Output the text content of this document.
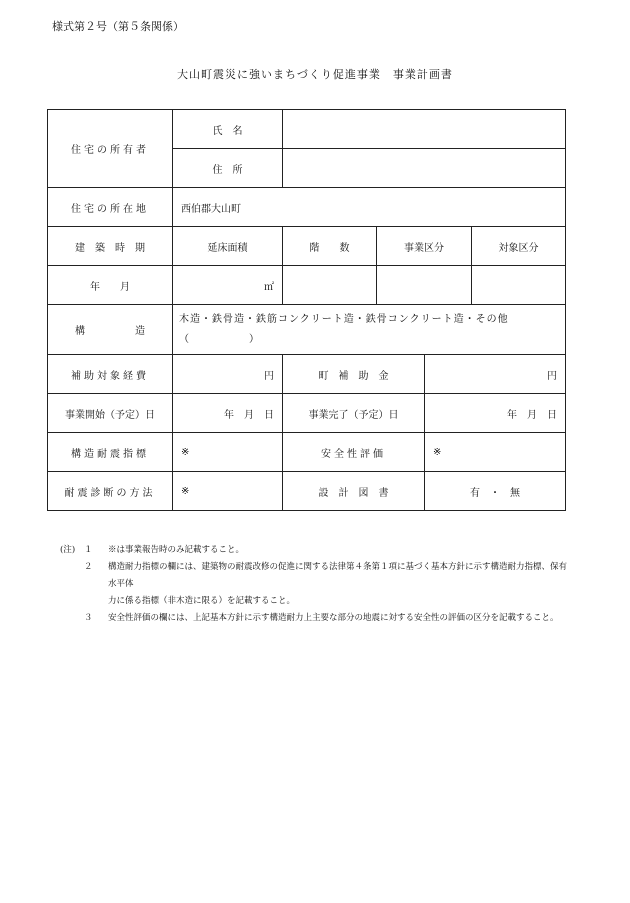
様式第２号（第５条関係）
大山町震災に強いまちづくり促進事業　事業計画書
住宅の所有者	氏　名				
	住　所				
住宅の所在地	西伯郡大山町				
建　築　時　期	延床面積	階　　数	事業区分		対象区分
年　　月	㎡				
構　　　　　造	木造・鉄骨造・鉄筋コンクリート造・鉄骨コンクリート造・その他
（　　　　　　）				

補助対象経費	円	町　補　助　金		円	
事業開始（予定）日	年　月　日	事業完了（予定）日		年　月　日	
構造耐震指標	※	安全性評価		※	
耐震診断の方法	※	設　計　図　書		有　・　無	
(注)	１	※は事業報告時のみ記載すること。
２	構造耐力指標の欄には、建築物の耐震改修の促進に関する法律第４条第１項に基づく基本方針に示す構造耐力指標、保有水平体
力に係る指標（非木造に限る）を記載すること。
３	安全性評価の欄には、上記基本方針に示す構造耐力上主要な部分の地震に対する安全性の評価の区分を記載すること。
